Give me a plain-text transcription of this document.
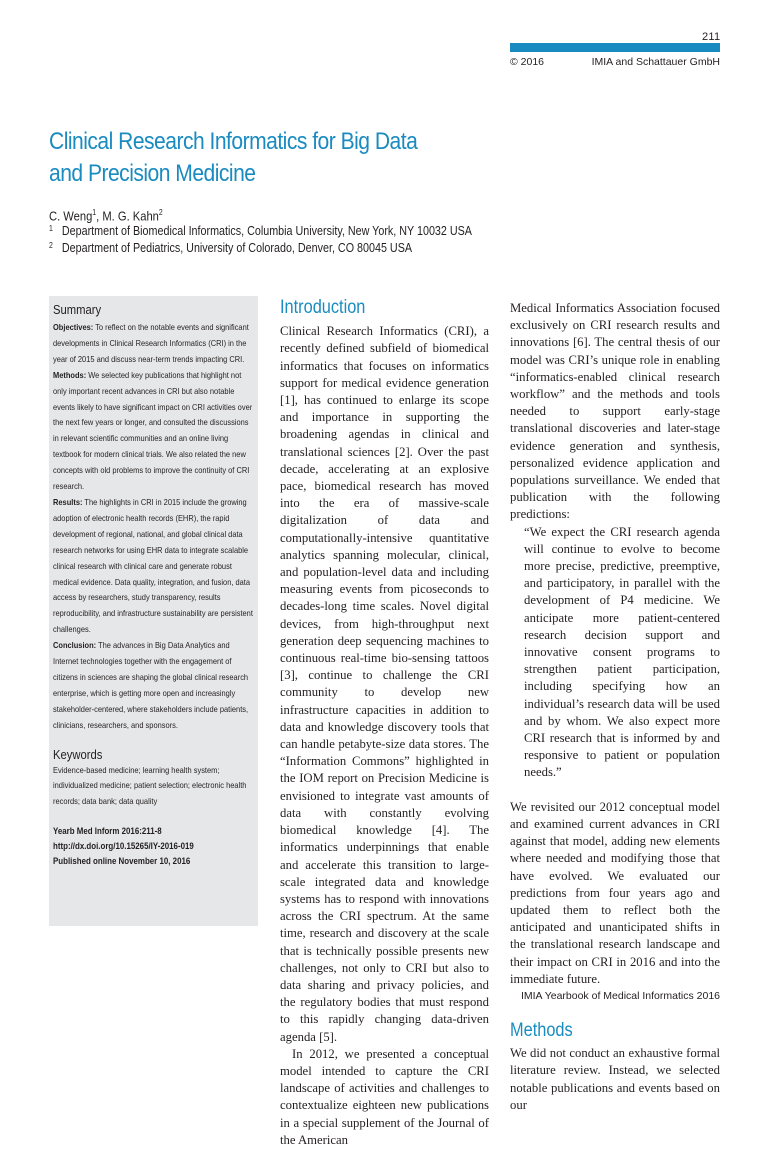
211
© 2016	IMIA and Schattauer GmbH
Clinical Research Informatics for Big Data
and Precision Medicine
C. Weng$^1$, M. G. Kahn$^2$
1 Department of Biomedical Informatics, Columbia University, New York, NY 10032 USA
2 Department of Pediatrics, University of Colorado, Denver, CO 80045 USA
Summary
Objectives: To reflect on the notable events and significant developments in Clinical Research Informatics (CRI) in the year of 2015 and discuss near-term trends impacting CRI.
Methods: We selected key publications that highlight not only important recent advances in CRI but also notable events likely to have significant impact on CRI activities over the next few years or longer, and consulted the discussions in relevant scientific communities and an online living textbook for modern clinical trials. We also related the new concepts with old problems to improve the continuity of CRI research.
Results: The highlights in CRI in 2015 include the growing adoption of electronic health records (EHR), the rapid development of regional, national, and global clinical data research networks for using EHR data to integrate scalable clinical research with clinical care and generate robust medical evidence. Data quality, integration, and fusion, data access by researchers, study transparency, results reproducibility, and infrastructure sustainability are persistent challenges.
Conclusion: The advances in Big Data Analytics and Internet technologies together with the engagement of citizens in sciences are shaping the global clinical research enterprise, which is getting more open and increasingly stakeholder-centered, where stakeholders include patients, clinicians, researchers, and sponsors.
Keywords
Evidence-based medicine; learning health system; individualized medicine; patient selection; electronic health records; data bank; data quality
Yearb Med Inform 2016:211-8
http://dx.doi.org/10.15265/IY-2016-019
Published online November 10, 2016
Introduction

Clinical Research Informatics (CRI), a recently defined subfield of biomedical informatics that focuses on informatics support for medical evidence generation [1], has continued to enlarge its scope and importance in supporting the broadening agendas in clinical and translational sciences [2]. Over the past decade, accelerating at an explosive pace, biomedical research has moved into the era of massive-scale digitalization of data and computationally-intensive quantitative analytics spanning molecular, clinical, and population-level data and including measuring events from picoseconds to decades-long time scales. Novel digital devices, from high-throughput next generation deep sequencing machines to continuous real-time bio-sensing tattoos [3], continue to challenge the CRI community to develop new infrastructure capacities in addition to data and knowledge discovery tools that can handle petabyte-size data stores. The “Information Commons” highlighted in the IOM report on Precision Medicine is envisioned to integrate vast amounts of data with constantly evolving biomedical knowledge [4]. The informatics underpinnings that enable and accelerate this transition to large-scale integrated data and knowledge systems has to respond with innovations across the CRI spectrum. At the same time, research and discovery at the scale that is technically possible presents new challenges, not only to CRI but also to data sharing and privacy policies, and the regulatory bodies that must respond to this rapidly changing data-driven agenda [5].

In 2012, we presented a conceptual model intended to capture the CRI landscape of activities and challenges to contextualize eighteen new publications in a special supplement of the Journal of the American

Medical Informatics Association focused exclusively on CRI research results and innovations [6]. The central thesis of our model was CRI’s unique role in enabling “informatics-enabled clinical research workflow” and the methods and tools needed to support early-stage translational discoveries and later-stage evidence generation and synthesis, personalized evidence application and populations surveillance. We ended that publication with the following predictions:

“We expect the CRI research agenda will continue to evolve to become more precise, predictive, preemptive, and participatory, in parallel with the development of P4 medicine. We anticipate more patient-centered research decision support and innovative consent programs to strengthen patient participation, including specifying how an individual’s research data will be used and by whom. We also expect more CRI research that is informed by and responsive to patient or population needs.”

We revisited our 2012 conceptual model and examined current advances in CRI against that model, adding new elements where needed and modifying those that have evolved. We evaluated our predictions from four years ago and updated them to reflect both the anticipated and unanticipated shifts in the translational research landscape and their impact on CRI in 2016 and into the immediate future.

Methods

We did not conduct an exhaustive formal literature review. Instead, we selected notable publications and events based on our

IMIA Yearbook of Medical Informatics 2016
